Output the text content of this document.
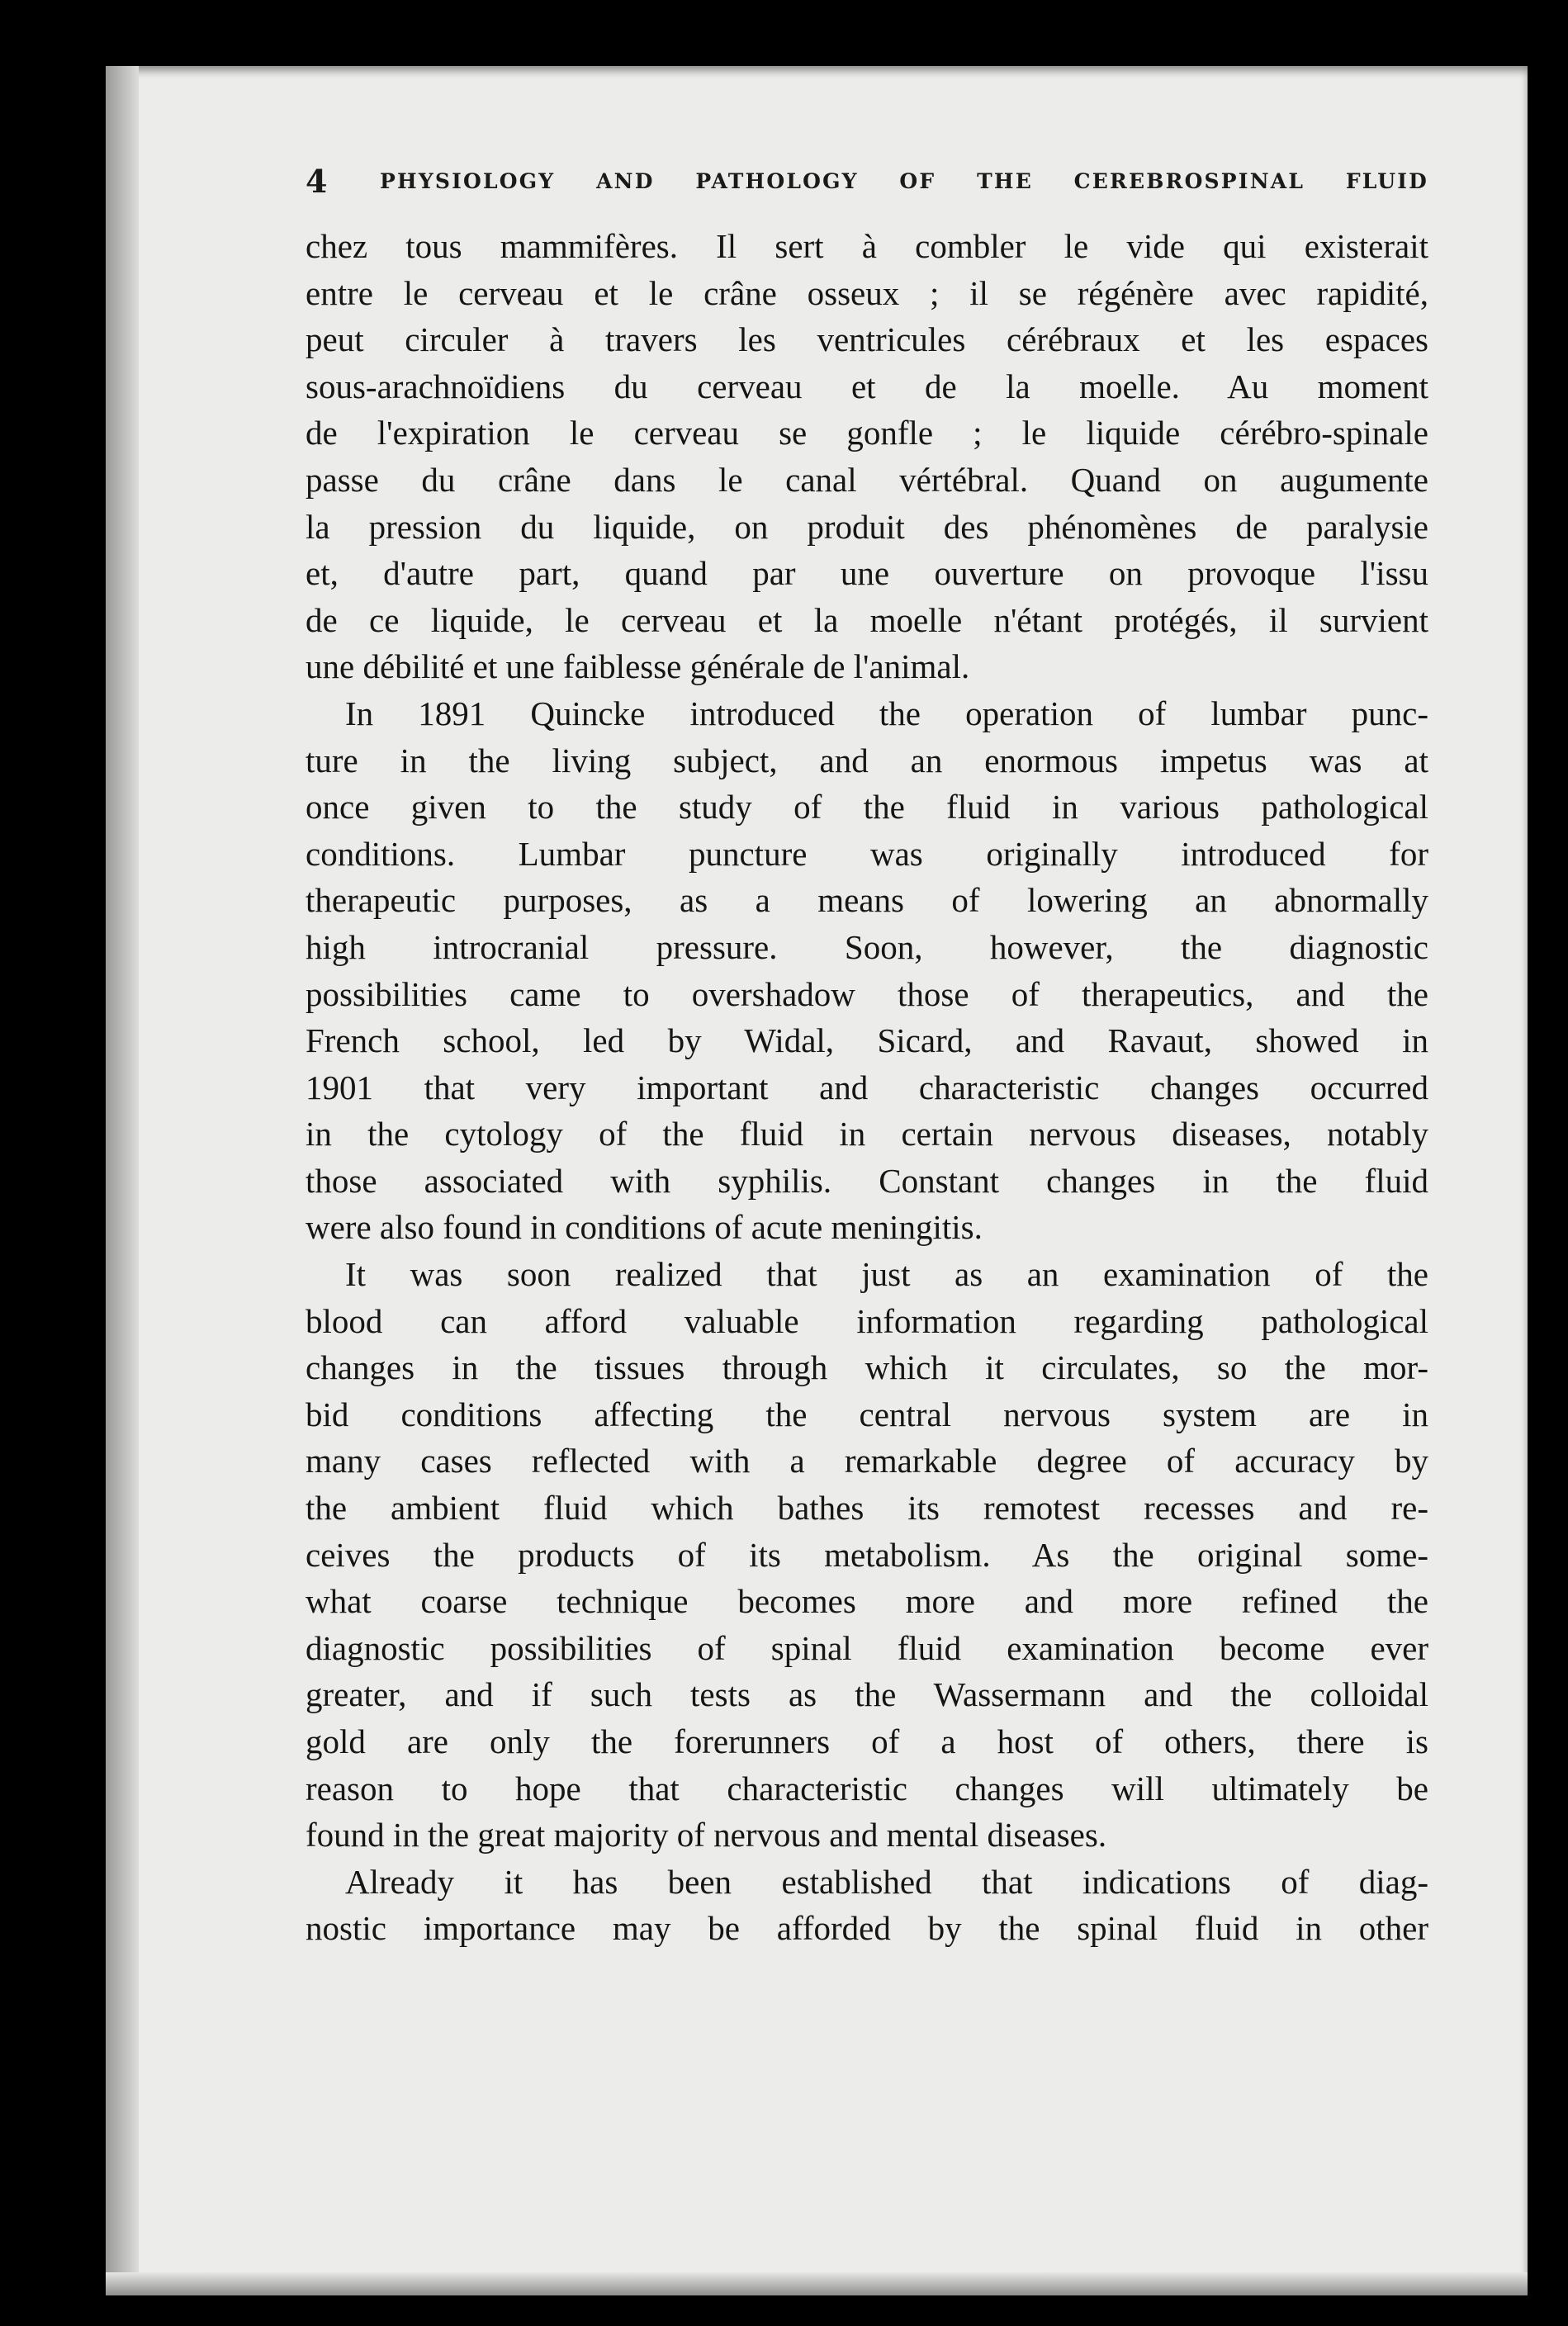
4	PHYSIOLOGY AND PATHOLOGY OF THE CEREBROSPINAL FLUID
chez tous mammifères. Il sert à combler le vide qui existerait
entre le cerveau et le crâne osseux ; il se régénère avec rapidité,
peut circuler à travers les ventricules cérébraux et les espaces
sous-arachnoïdiens du cerveau et de la moelle. Au moment
de l'expiration le cerveau se gonfle ; le liquide cérébro-spinale
passe du crâne dans le canal vértébral. Quand on augumente
la pression du liquide, on produit des phénomènes de paralysie
et, d'autre part, quand par une ouverture on provoque l'issu
de ce liquide, le cerveau et la moelle n'étant protégés, il survient
une débilité et une faiblesse générale de l'animal.
In 1891 Quincke introduced the operation of lumbar punc-
ture in the living subject, and an enormous impetus was at
once given to the study of the fluid in various pathological
conditions. Lumbar puncture was originally introduced for
therapeutic purposes, as a means of lowering an abnormally
high introcranial pressure. Soon, however, the diagnostic
possibilities came to overshadow those of therapeutics, and the
French school, led by Widal, Sicard, and Ravaut, showed in
1901 that very important and characteristic changes occurred
in the cytology of the fluid in certain nervous diseases, notably
those associated with syphilis. Constant changes in the fluid
were also found in conditions of acute meningitis.
It was soon realized that just as an examination of the
blood can afford valuable information regarding pathological
changes in the tissues through which it circulates, so the mor-
bid conditions affecting the central nervous system are in
many cases reflected with a remarkable degree of accuracy by
the ambient fluid which bathes its remotest recesses and re-
ceives the products of its metabolism. As the original some-
what coarse technique becomes more and more refined the
diagnostic possibilities of spinal fluid examination become ever
greater, and if such tests as the Wassermann and the colloidal
gold are only the forerunners of a host of others, there is
reason to hope that characteristic changes will ultimately be
found in the great majority of nervous and mental diseases.
Already it has been established that indications of diag-
nostic importance may be afforded by the spinal fluid in other
